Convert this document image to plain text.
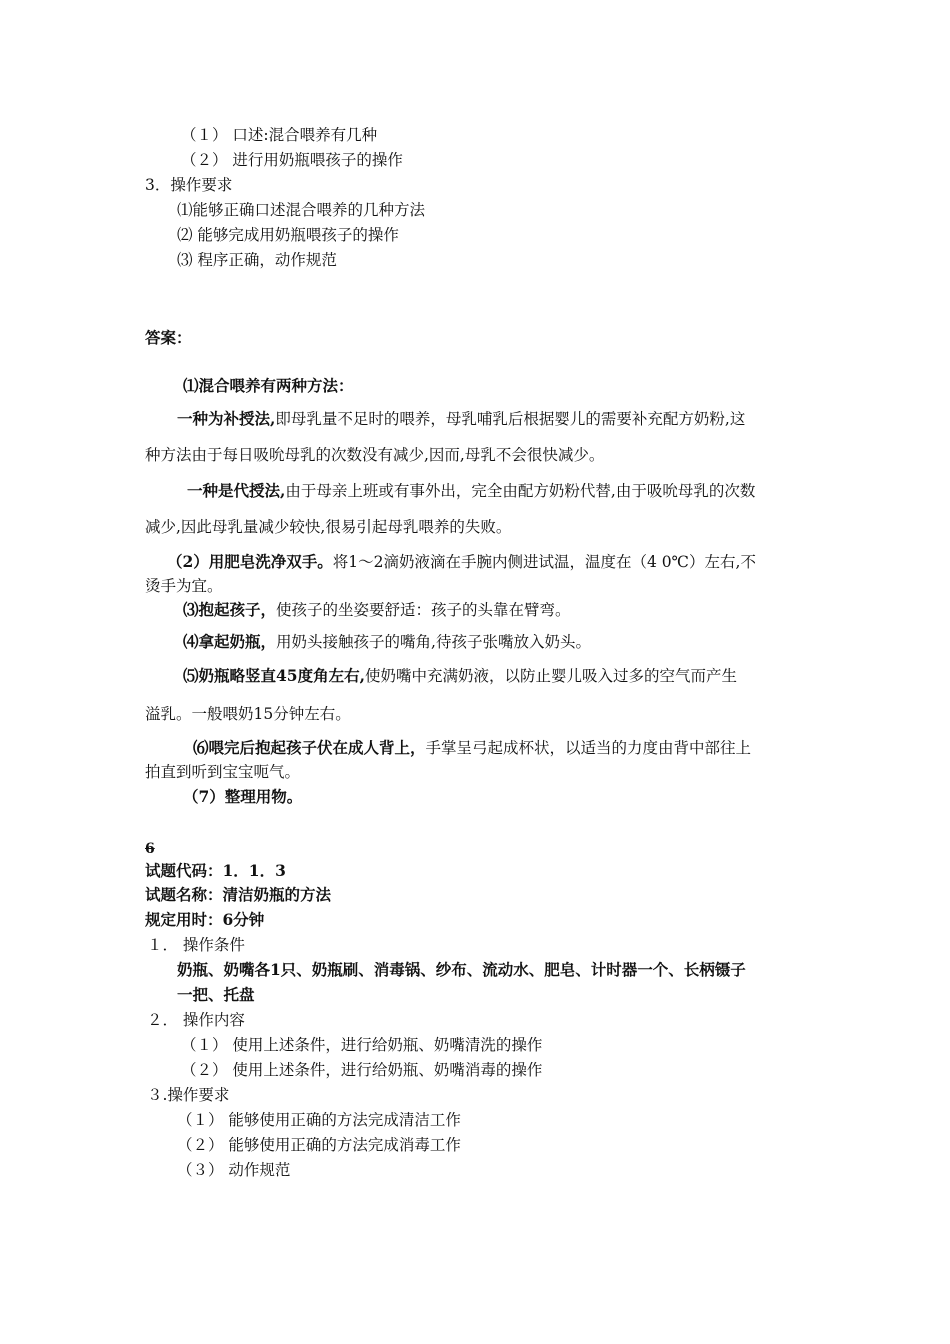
（１） 口述:混合喂养有几种
（２） 进行用奶瓶喂孩子的操作
3．操作要求
⑴能够正确口述混合喂养的几种方法
⑵ 能够完成用奶瓶喂孩子的操作
⑶ 程序正确，动作规范
答案：
⑴混合喂养有两种方法：
一种为补授法,即母乳量不足时的喂养，母乳哺乳后根据婴儿的需要补充配方奶粉,这
种方法由于每日吸吮母乳的次数没有减少,因而,母乳不会很快减少。
一种是代授法,由于母亲上班或有事外出，完全由配方奶粉代替,由于吸吮母乳的次数
减少,因此母乳量减少较快,很易引起母乳喂养的失败。
（2）用肥皂洗净双手。将1～2滴奶液滴在手腕内侧进试温，温度在（4 0℃）左右,不
烫手为宜。
⑶抱起孩子，使孩子的坐姿要舒适：孩子的头靠在臂弯。
⑷拿起奶瓶，用奶头接触孩子的嘴角,待孩子张嘴放入奶头。
⑸奶瓶略竖直45度角左右,使奶嘴中充满奶液，以防止婴儿吸入过多的空气而产生
溢乳。一般喂奶15分钟左右。
⑹喂完后抱起孩子伏在成人背上，手掌呈弓起成杯状，以适当的力度由背中部往上
拍直到听到宝宝呃气。
（7）整理用物。
6
试题代码：1．1．3
试题名称：清洁奶瓶的方法
规定用时：6分钟
１． 操作条件
奶瓶、奶嘴各1只、奶瓶刷、消毒锅、纱布、流动水、肥皂、计时器一个、长柄镊子
一把、托盘
２． 操作内容
（１） 使用上述条件，进行给奶瓶、奶嘴清洗的操作
（２） 使用上述条件，进行给奶瓶、奶嘴消毒的操作
３.操作要求
（１） 能够使用正确的方法完成清洁工作
（２） 能够使用正确的方法完成消毒工作
（３） 动作规范
